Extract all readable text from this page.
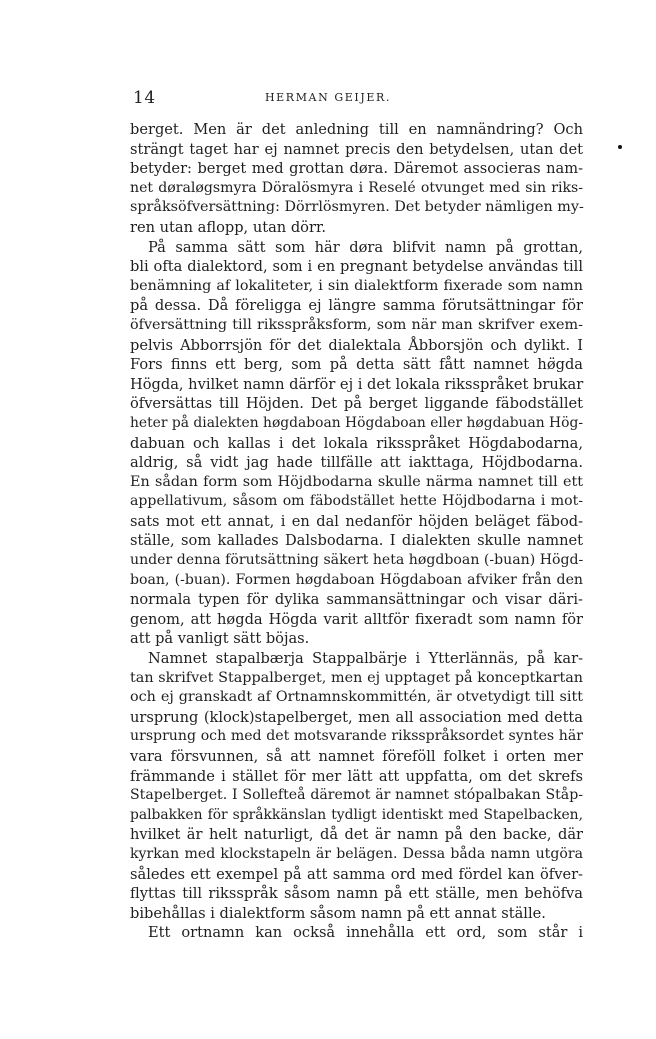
14	HERMAN GEIJER.
berget. Men är det anledning till en namnändring? Och
strängt taget har ej namnet precis den betydelsen, utan det
betyder: berget med grottan døra. Däremot associeras nam-
net døraløgsmyra Döralösmyra i Reselé otvunget med sin riks-
språksöfversättning: Dörrlösmyren. Det betyder nämligen my-
ren utan aflopp, utan dörr.
På samma sätt som här døra blifvit namn på grottan,
bli ofta dialektord, som i en pregnant betydelse användas till
benämning af lokaliteter, i sin dialektform fixerade som namn
på dessa. Då föreligga ej längre samma förutsättningar för
öfversättning till riksspråksform, som när man skrifver exem-
pelvis Abborrsjön för det dialektala Åbborsjön och dylikt. I
Fors finns ett berg, som på detta sätt fått namnet hø̈gda
Högda, hvilket namn därför ej i det lokala riksspråket brukar
öfversättas till Höjden. Det på berget liggande fäbodstället
heter på dialekten høgdaboan Högdaboan eller høgdabuan Hög-
dabuan och kallas i det lokala riksspråket Högdabodarna,
aldrig, så vidt jag hade tillfälle att iakttaga, Höjdbodarna.
En sådan form som Höjdbodarna skulle närma namnet till ett
appellativum, såsom om fäbodstället hette Höjdbodarna i mot-
sats mot ett annat, i en dal nedanför höjden beläget fäbod-
ställe, som kallades Dalsbodarna. I dialekten skulle namnet
under denna förutsättning säkert heta høgdboan (-buan) Högd-
boan, (-buan). Formen høgdaboan Högdaboan afviker från den
normala typen för dylika sammansättningar och visar däri-
genom, att høgda Högda varit alltför fixeradt som namn för
att på vanligt sätt böjas.
Namnet stapalbærja Stappalbärje i Ytterlännäs, på kar-
tan skrifvet Stappalberget, men ej upptaget på konceptkartan
och ej granskadt af Ortnamnskommittén, är otvetydigt till sitt
ursprung (klock)stapelberget, men all association med detta
ursprung och med det motsvarande riksspråksordet syntes här
vara försvunnen, så att namnet föreföll folket i orten mer
främmande i stället för mer lätt att uppfatta, om det skrefs
Stapelberget. I Sollefteå däremot är namnet stópalbakan Ståp-
palbakken för språkkänslan tydligt identiskt med Stapelbacken,
hvilket är helt naturligt, då det är namn på den backe, där
kyrkan med klockstapeln är belägen. Dessa båda namn utgöra
således ett exempel på att samma ord med fördel kan öfver-
flyttas till riksspråk såsom namn på ett ställe, men behöfva
bibehållas i dialektform såsom namn på ett annat ställe.
Ett ortnamn kan också innehålla ett ord, som står i
